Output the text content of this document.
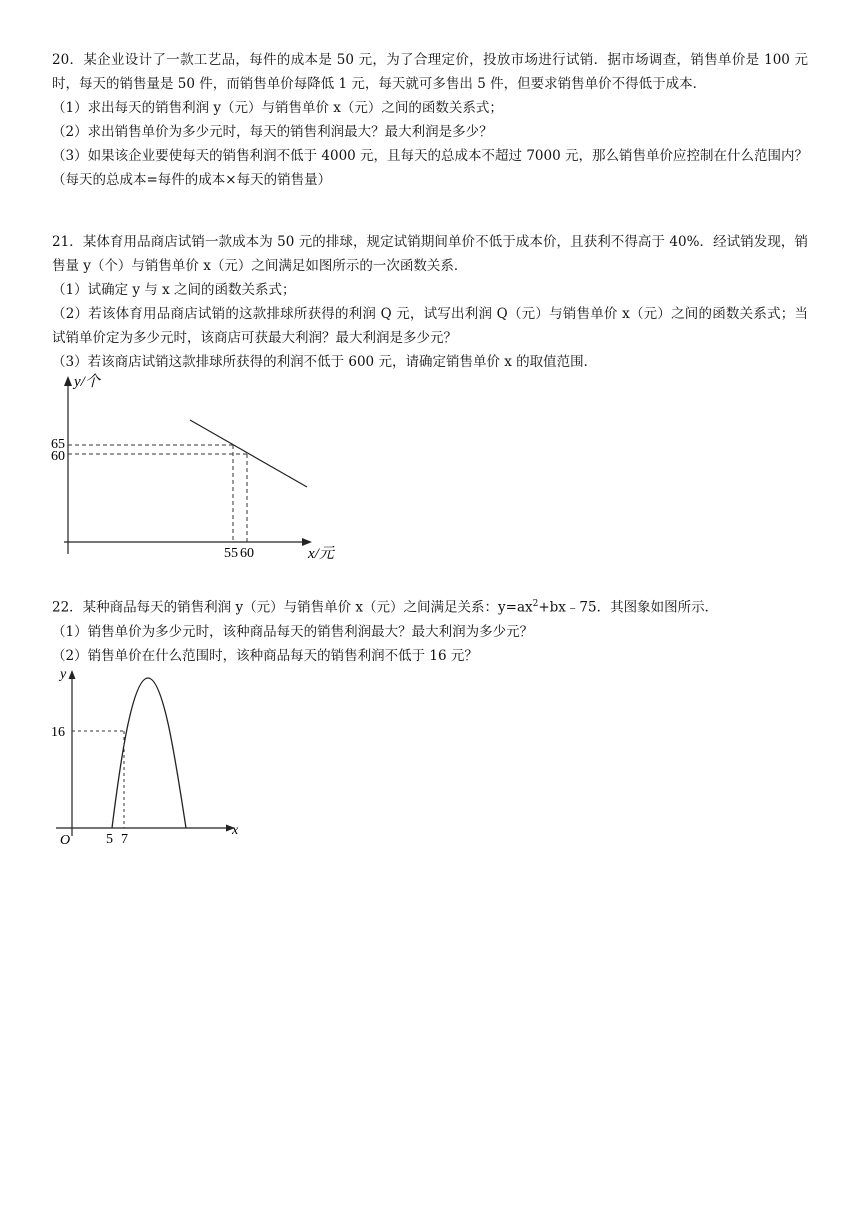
20．某企业设计了一款工艺品，每件的成本是 50 元，为了合理定价，投放市场进行试销．据市场调查，销售单价是 100 元时，每天的销售量是 50 件，而销售单价每降低 1 元，每天就可多售出 5 件，但要求销售单价不得低于成本．

（1）求出每天的销售利润 y（元）与销售单价 x（元）之间的函数关系式；

（2）求出销售单价为多少元时，每天的销售利润最大？最大利润是多少？

（3）如果该企业要使每天的销售利润不低于 4000 元，且每天的总成本不超过 7000 元，那么销售单价应控制在什么范围内？（每天的总成本=每件的成本×每天的销售量）

21．某体育用品商店试销一款成本为 50 元的排球，规定试销期间单价不低于成本价，且获利不得高于 40%．经试销发现，销售量 y（个）与销售单价 x（元）之间满足如图所示的一次函数关系．

（1）试确定 y 与 x 之间的函数关系式；

（2）若该体育用品商店试销的这款排球所获得的利润 Q 元，试写出利润 Q（元）与销售单价 x（元）之间的函数关系式；当试销单价定为多少元时，该商店可获最大利润？最大利润是多少元？

（3）若该商店试销这款排球所获得的利润不低于 600 元，请确定销售单价 x 的取值范围．

y/个
x/元
65
60
55 60

22．某种商品每天的销售利润 y（元）与销售单价 x（元）之间满足关系：$y=ax^2+bx﹣75$．其图象如图所示．

（1）销售单价为多少元时，该种商品每天的销售利润最大？最大利润为多少元？

（2）销售单价在什么范围时，该种商品每天的销售利润不低于 16 元？

y
x
O
16
5 7
